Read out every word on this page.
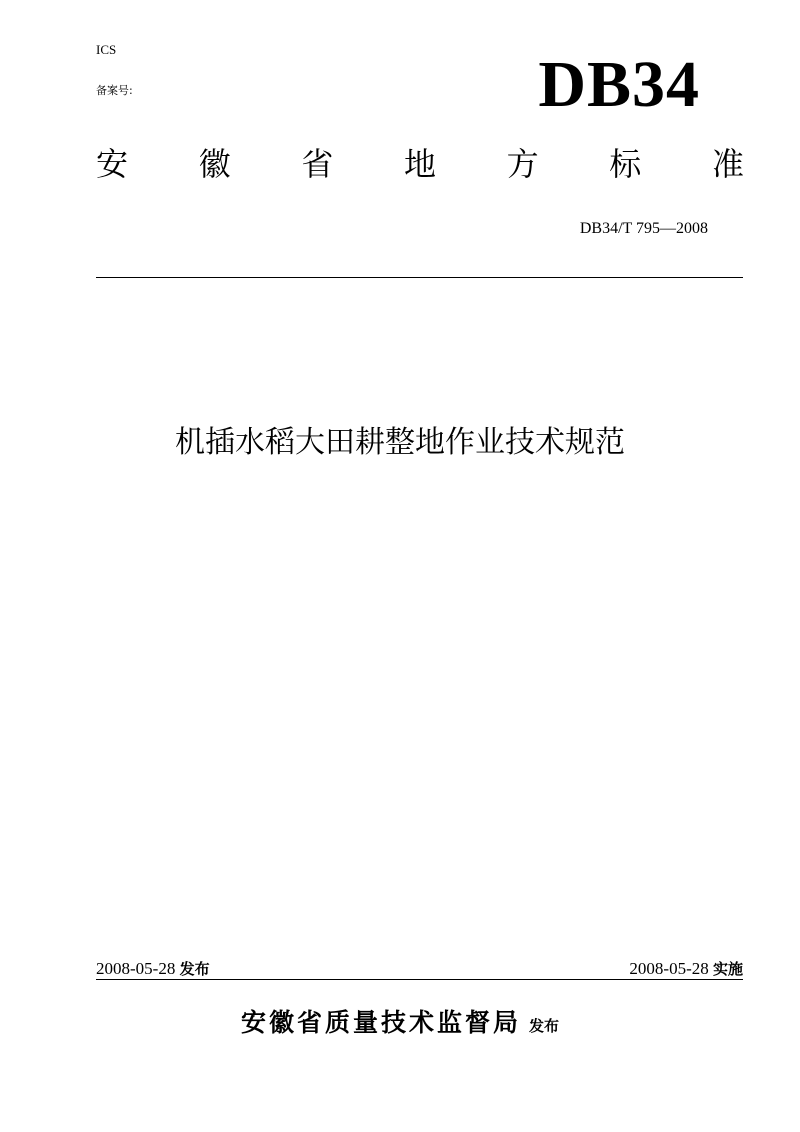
ICS
备案号:	DB34
安 徽 省 地 方 标 准
DB34/T 795—2008
机插水稻大田耕整地作业技术规范
2008-05-28 发布	2008-05-28 实施
安徽省质量技术监督局 发布
